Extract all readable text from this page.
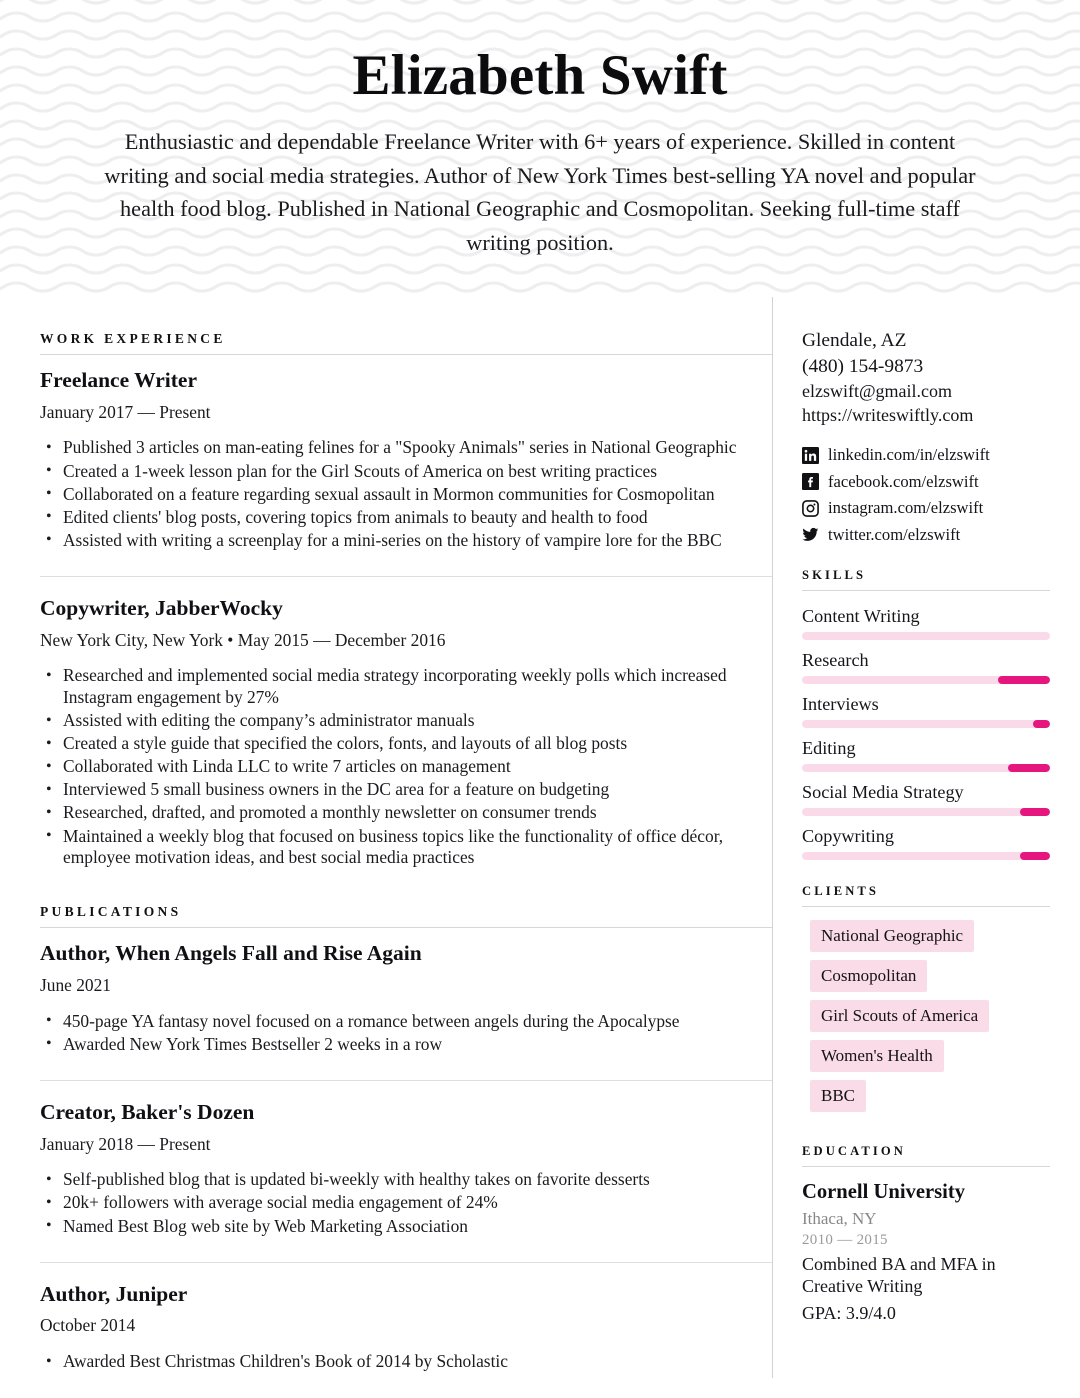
Elizabeth Swift
Enthusiastic and dependable Freelance Writer with 6+ years of experience. Skilled in content writing and social media strategies. Author of New York Times best-selling YA novel and popular health food blog. Published in National Geographic and Cosmopolitan. Seeking full-time staff writing position.
WORK EXPERIENCE
Freelance Writer
January 2017 — Present
• Published 3 articles on man-eating felines for a "Spooky Animals" series in National Geographic
• Created a 1-week lesson plan for the Girl Scouts of America on best writing practices
• Collaborated on a feature regarding sexual assault in Mormon communities for Cosmopolitan
• Edited clients' blog posts, covering topics from animals to beauty and health to food
• Assisted with writing a screenplay for a mini-series on the history of vampire lore for the BBC
Copywriter, JabberWocky
New York City, New York • May 2015 — December 2016
• Researched and implemented social media strategy incorporating weekly polls which increased Instagram engagement by 27%
• Assisted with editing the company’s administrator manuals
• Created a style guide that specified the colors, fonts, and layouts of all blog posts
• Collaborated with Linda LLC to write 7 articles on management
• Interviewed 5 small business owners in the DC area for a feature on budgeting
• Researched, drafted, and promoted a monthly newsletter on consumer trends
• Maintained a weekly blog that focused on business topics like the functionality of office décor, employee motivation ideas, and best social media practices
PUBLICATIONS
Author, When Angels Fall and Rise Again
June 2021
• 450-page YA fantasy novel focused on a romance between angels during the Apocalypse
• Awarded New York Times Bestseller 2 weeks in a row
Creator, Baker's Dozen
January 2018 — Present
• Self-published blog that is updated bi-weekly with healthy takes on favorite desserts
• 20k+ followers with average social media engagement of 24%
• Named Best Blog web site by Web Marketing Association
Author, Juniper
October 2014
• Awarded Best Christmas Children's Book of 2014 by Scholastic
Glendale, AZ
(480) 154-9873
elzswift@gmail.com
https://writeswiftly.com
linkedin.com/in/elzswift
facebook.com/elzswift
instagram.com/elzswift
twitter.com/elzswift
SKILLS
Content Writing
Research
Interviews
Editing
Social Media Strategy
Copywriting
CLIENTS
National Geographic
Cosmopolitan
Girl Scouts of America
Women's Health
BBC
EDUCATION
Cornell University
Ithaca, NY
2010 — 2015
Combined BA and MFA in Creative Writing
GPA: 3.9/4.0
